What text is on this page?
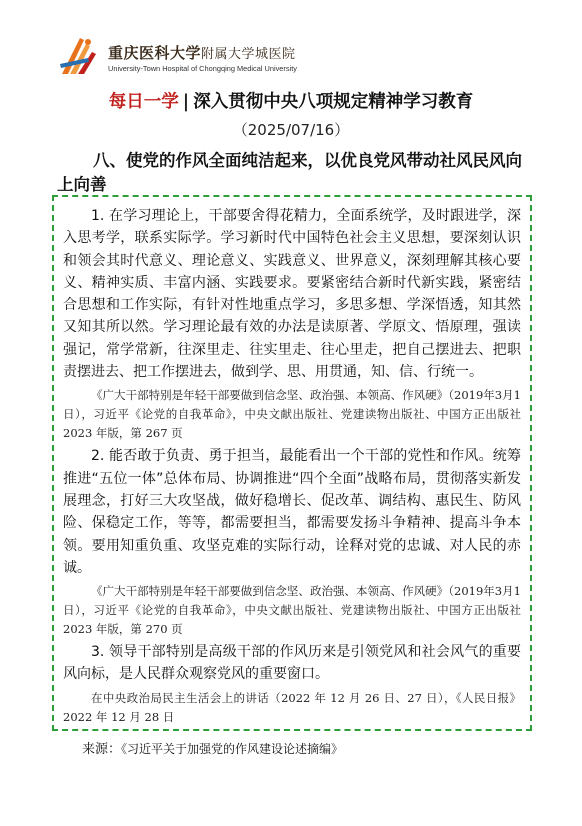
重庆医科大学附属大学城医院
University-Town Hospital of Chongqing Medical University
每日一学 | 深入贯彻中央八项规定精神学习教育
（2025/07/16）
八、使党的作风全面纯洁起来，以优良党风带动社风民风向上向善

1. 在学习理论上，干部要舍得花精力，全面系统学，及时跟进学，深入思考学，联系实际学。学习新时代中国特色社会主义思想，要深刻认识和领会其时代意义、理论意义、实践意义、世界意义，深刻理解其核心要义、精神实质、丰富内涵、实践要求。要紧密结合新时代新实践，紧密结合思想和工作实际，有针对性地重点学习，多思多想、学深悟透，知其然又知其所以然。学习理论最有效的办法是读原著、学原文、悟原理，强读强记，常学常新，往深里走、往实里走、往心里走，把自己摆进去、把职责摆进去、把工作摆进去，做到学、思、用贯通，知、信、行统一。

《广大干部特别是年轻干部要做到信念坚、政治强、本领高、作风硬》（2019年3月1日），习近平《论党的自我革命》，中央文献出版社、党建读物出版社、中国方正出版社 2023 年版，第 267 页

2. 能否敢于负责、勇于担当，最能看出一个干部的党性和作风。统筹推进“五位一体”总体布局、协调推进“四个全面”战略布局，贯彻落实新发展理念，打好三大攻坚战，做好稳增长、促改革、调结构、惠民生、防风险、保稳定工作，等等，都需要担当，都需要发扬斗争精神、提高斗争本领。要用知重负重、攻坚克难的实际行动，诠释对党的忠诚、对人民的赤诚。

《广大干部特别是年轻干部要做到信念坚、政治强、本领高、作风硬》（2019年3月1日），习近平《论党的自我革命》，中央文献出版社、党建读物出版社、中国方正出版社 2023 年版，第 270 页

3. 领导干部特别是高级干部的作风历来是引领党风和社会风气的重要风向标，是人民群众观察党风的重要窗口。

在中央政治局民主生活会上的讲话（2022 年 12 月 26 日、27 日），《人民日报》2022 年 12 月 28 日

来源：《习近平关于加强党的作风建设论述摘编》
